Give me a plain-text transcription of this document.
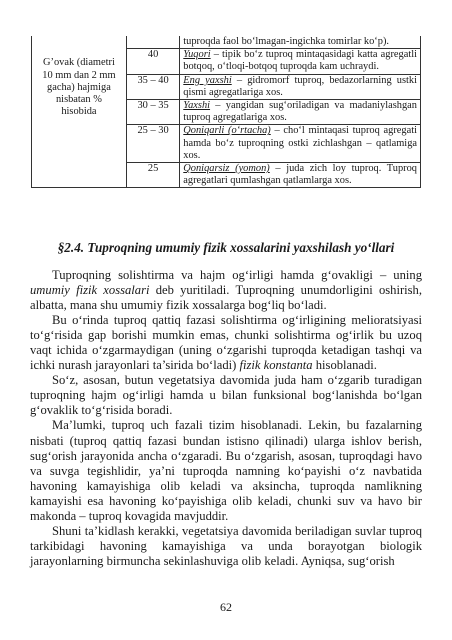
		tuproqda faol bo‘lmagan-ingichka tomirlar ko‘p).

G’ovak (diametri
10 mm dan 2 mm
gacha) hajmiga
nisbatan %
hisobida	40	Yuqori – tipik bo‘z tuproq mintaqasidagi katta agregatli botqoq, o‘tloqi-botqoq tuproqda kam uchraydi.
	35 – 40	Eng yaxshi – gidromorf tuproq, bedazorlarning ustki qismi agregatlariga xos.
	30 – 35	Yaxshi – yangidan sug‘oriladigan va madaniylashgan tuproq agregatlariga xos.
	25 – 30	Qoniqarli (o‘rtacha) – cho‘l mintaqasi tuproq agregati hamda bo‘z tuproqning ostki zichlashgan – qatlamiga xos.
	25	Qoniqarsiz (yomon) – juda zich loy tuproq. Tuproq agregatlari qumlashgan qatlamlarga xos.
§2.4. Tuproqning umumiy fizik xossalarini yaxshilash yo‘llari

Tuproqning solishtirma va hajm og‘irligi hamda g‘ovakligi – uning umumiy fizik xossalari deb yuritiladi. Tuproqning unumdorligini oshirish, albatta, mana shu umumiy fizik xossalarga bog‘liq bo‘ladi.

Bu o‘rinda tuproq qattiq fazasi solishtirma og‘irligining melioratsiyasi to‘g‘risida gap borishi mumkin emas, chunki solishtirma og‘irlik bu uzoq vaqt ichida o‘zgarmaydigan (uning o‘zgarishi tuproqda ketadigan tashqi va ichki nurash jarayonlari ta’sirida bo‘ladi) fizik konstanta hisoblanadi.

So‘z, asosan, butun vegetatsiya davomida juda ham o‘zgarib turadigan tuproqning hajm og‘irligi hamda u bilan funksional bog‘lanishda bo‘lgan g‘ovaklik to‘g‘risida boradi.

Ma’lumki, tuproq uch fazali tizim hisoblanadi. Lekin, bu fazalarning nisbati (tuproq qattiq fazasi bundan istisno qilinadi) ularga ishlov berish, sug‘orish jarayonida ancha o‘zgaradi. Bu o‘zgarish, asosan, tuproqdagi havo va suvga tegishlidir, ya’ni tuproqda namning ko‘payishi o‘z navbatida havoning kamayishiga olib keladi va aksincha, tuproqda namlikning kamayishi esa havoning ko‘payishiga olib keladi, chunki suv va havo bir makonda – tuproq kovagida mavjuddir.

Shuni ta’kidlash kerakki, vegetatsiya davomida beriladigan suvlar tuproq tarkibidagi havoning kamayishiga va unda borayotgan biologik jarayonlarning birmuncha sekinlashuviga olib keladi. Ayniqsa, sug‘orish

62
